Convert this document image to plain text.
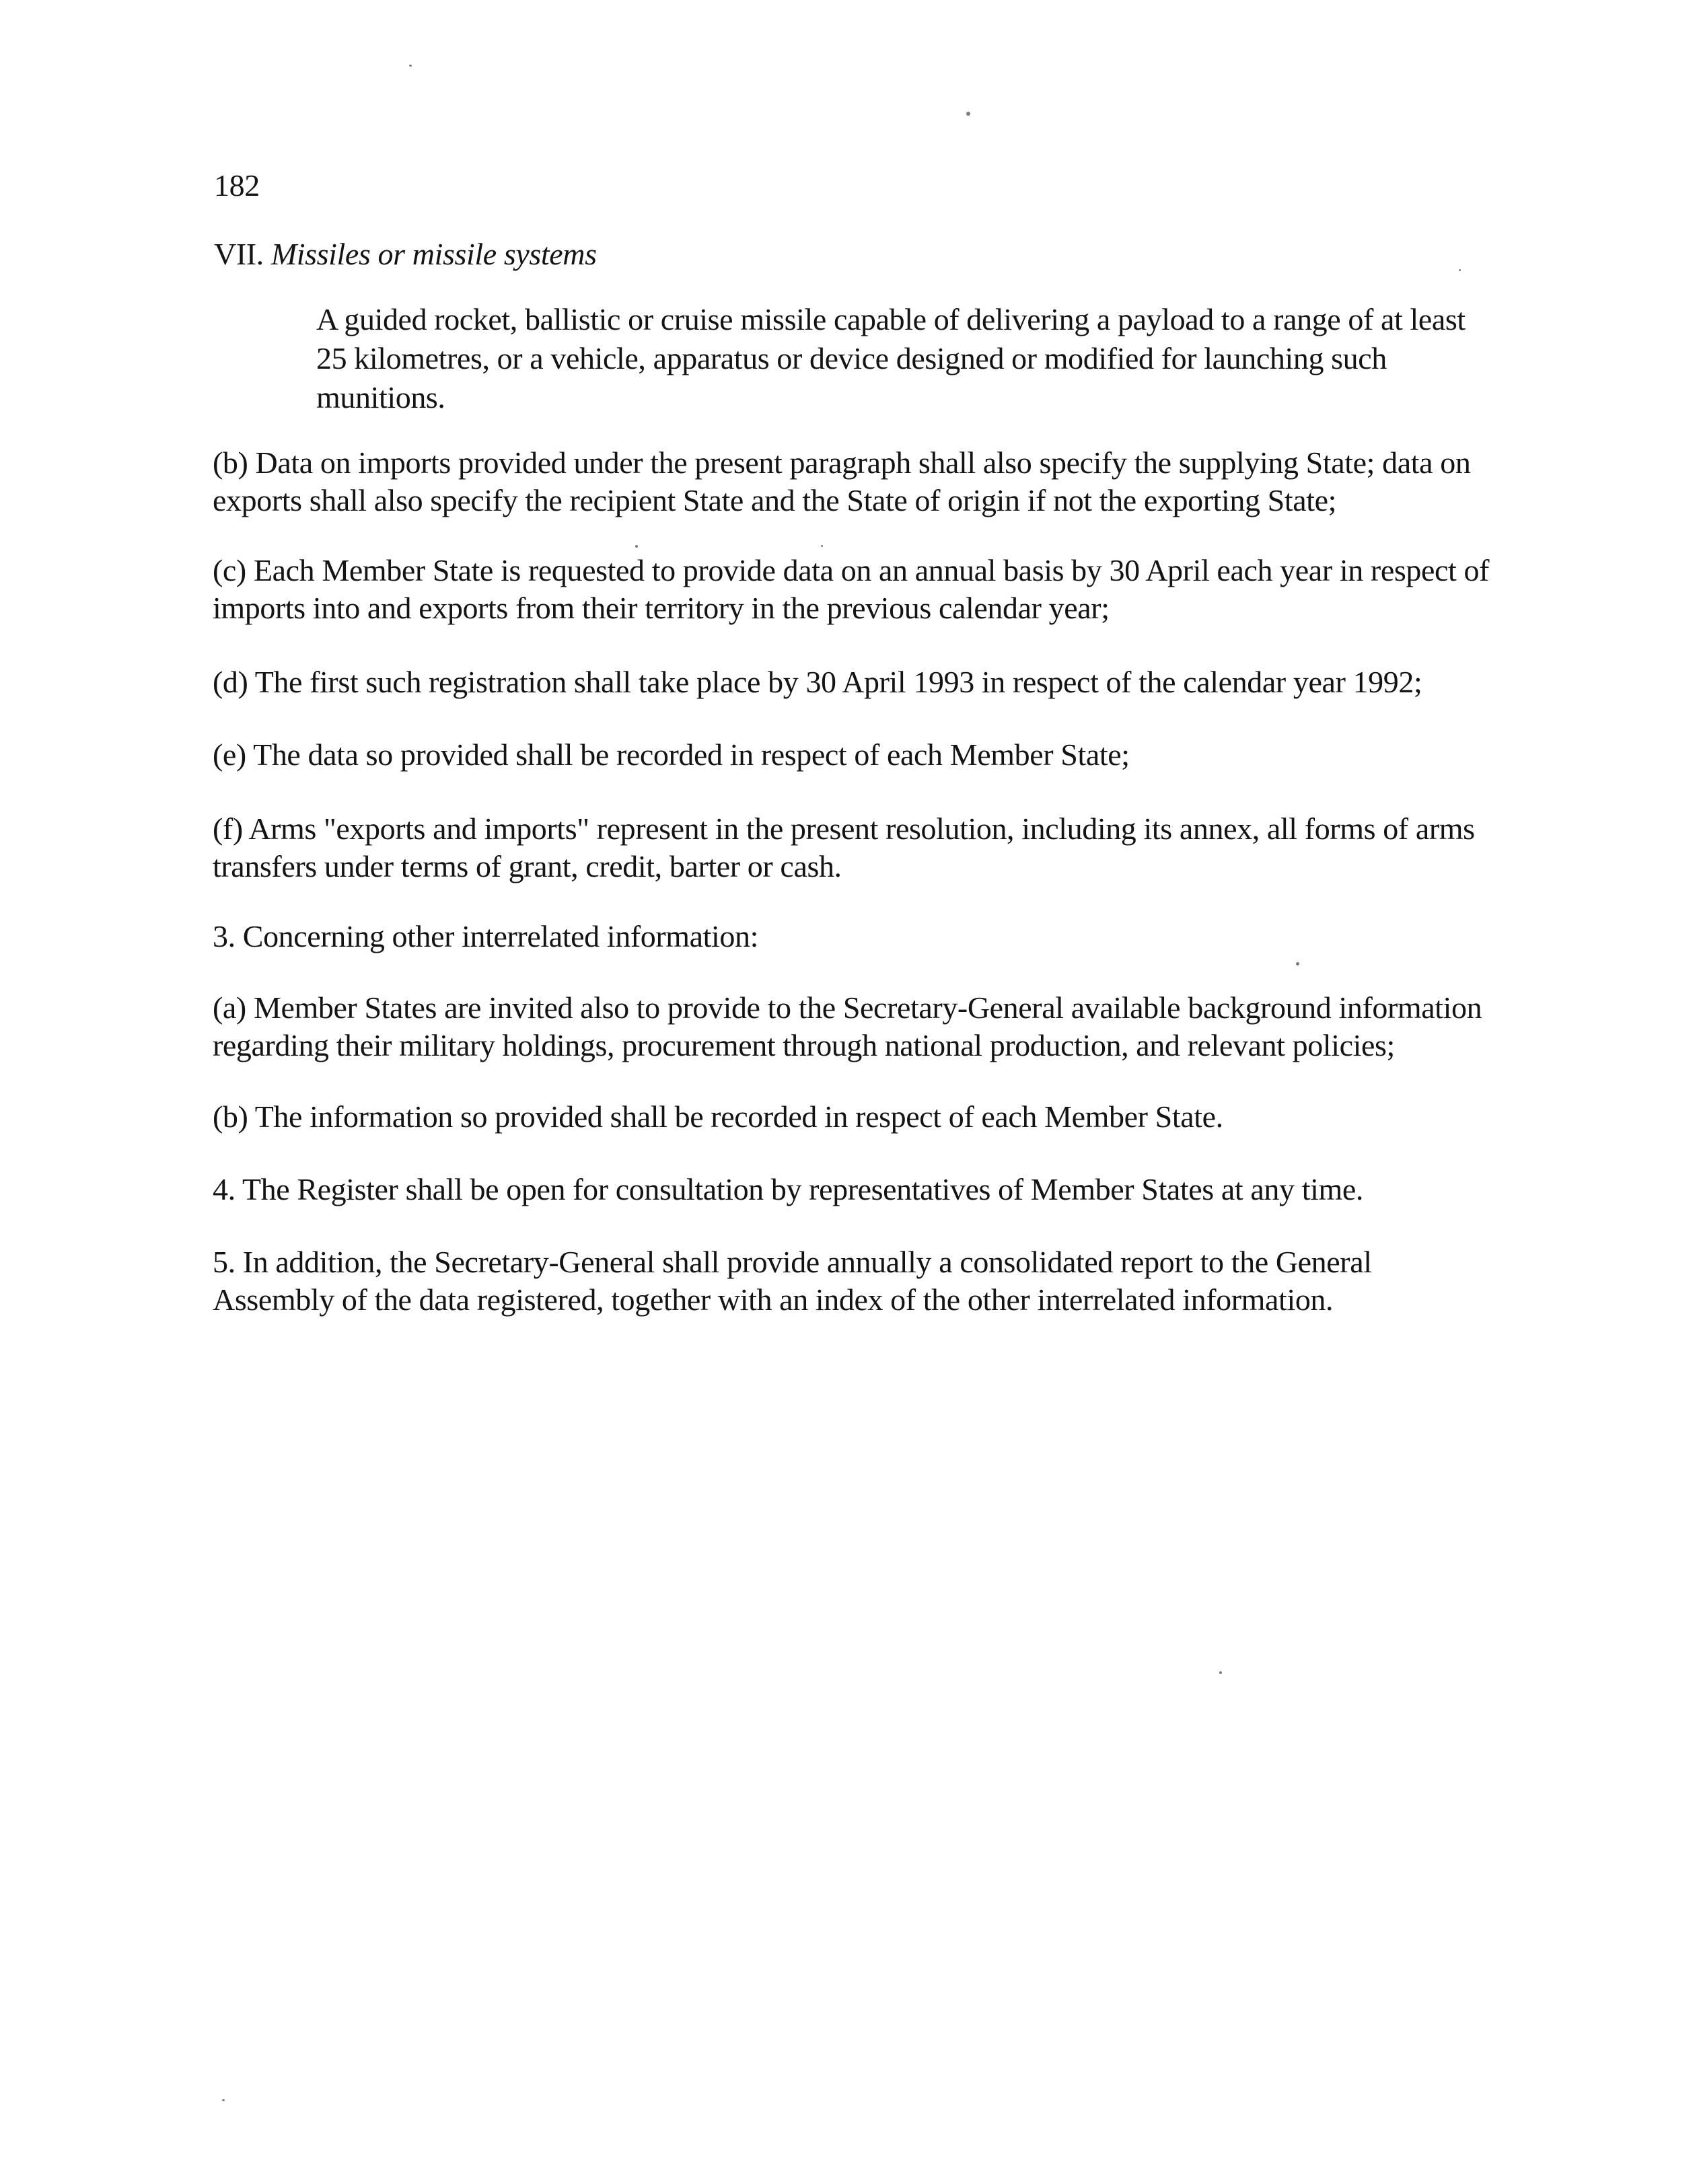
182
VII. Missiles or missile systems
A guided rocket, ballistic or cruise missile capable of delivering a payload to a range of at least
25 kilometres, or a vehicle, apparatus or device designed or modified for launching such
munitions.
(b) Data on imports provided under the present paragraph shall also specify the supplying State; data on
exports shall also specify the recipient State and the State of origin if not the exporting State;
(c) Each Member State is requested to provide data on an annual basis by 30 April each year in respect of
imports into and exports from their territory in the previous calendar year;
(d) The first such registration shall take place by 30 April 1993 in respect of the calendar year 1992;
(e) The data so provided shall be recorded in respect of each Member State;
(f) Arms "exports and imports" represent in the present resolution, including its annex, all forms of arms
transfers under terms of grant, credit, barter or cash.
3. Concerning other interrelated information:
(a) Member States are invited also to provide to the Secretary-General available background information
regarding their military holdings, procurement through national production, and relevant policies;
(b) The information so provided shall be recorded in respect of each Member State.
4. The Register shall be open for consultation by representatives of Member States at any time.
5. In addition, the Secretary-General shall provide annually a consolidated report to the General
Assembly of the data registered, together with an index of the other interrelated information.
